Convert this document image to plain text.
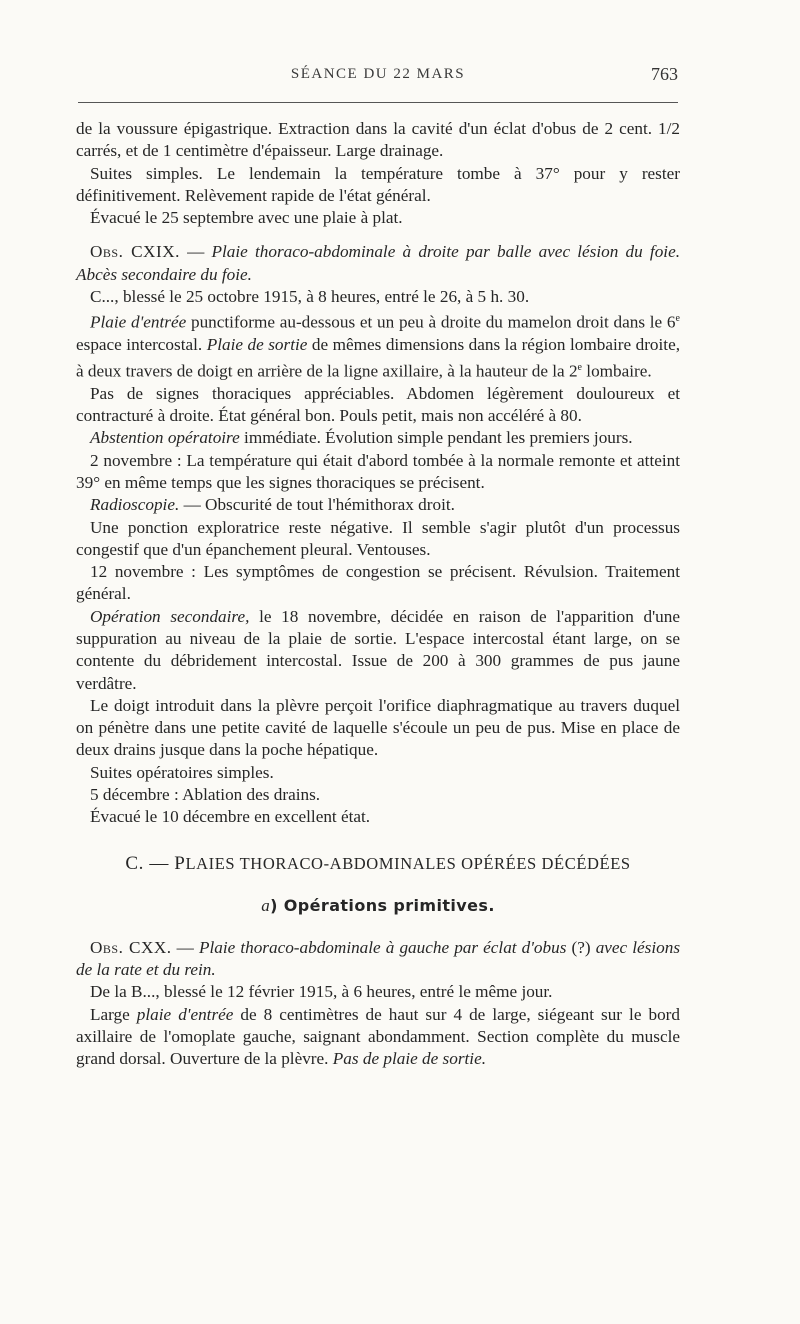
SÉANCE DU 22 MARS	763

de la voussure épigastrique. Extraction dans la cavité d'un éclat d'obus de 2 cent. 1/2 carrés, et de 1 centimètre d'épaisseur. Large drainage.

Suites simples. Le lendemain la température tombe à 37° pour y rester définitivement. Relèvement rapide de l'état général.

Évacué le 25 septembre avec une plaie à plat.

Obs. CXIX. — Plaie thoraco-abdominale à droite par balle avec lésion du foie. Abcès secondaire du foie.

C..., blessé le 25 octobre 1915, à 8 heures, entré le 26, à 5 h. 30.

Plaie d'entrée punctiforme au-dessous et un peu à droite du mamelon droit dans le 6e espace intercostal. Plaie de sortie de mêmes dimensions dans la région lombaire droite, à deux travers de doigt en arrière de la ligne axillaire, à la hauteur de la 2e lombaire.

Pas de signes thoraciques appréciables. Abdomen légèrement douloureux et contracturé à droite. État général bon. Pouls petit, mais non accéléré à 80.

Abstention opératoire immédiate. Évolution simple pendant les premiers jours.

2 novembre : La température qui était d'abord tombée à la normale remonte et atteint 39° en même temps que les signes thoraciques se précisent.

Radioscopie. — Obscurité de tout l'hémithorax droit.

Une ponction exploratrice reste négative. Il semble s'agir plutôt d'un processus congestif que d'un épanchement pleural. Ventouses.

12 novembre : Les symptômes de congestion se précisent. Révulsion. Traitement général.

Opération secondaire, le 18 novembre, décidée en raison de l'apparition d'une suppuration au niveau de la plaie de sortie. L'espace intercostal étant large, on se contente du débridement intercostal. Issue de 200 à 300 grammes de pus jaune verdâtre.

Le doigt introduit dans la plèvre perçoit l'orifice diaphragmatique au travers duquel on pénètre dans une petite cavité de laquelle s'écoule un peu de pus. Mise en place de deux drains jusque dans la poche hépatique.

Suites opératoires simples.

5 décembre : Ablation des drains.

Évacué le 10 décembre en excellent état.

C. — PLAIES THORACO-ABDOMINALES OPÉRÉES DÉCÉDÉES

a) Opérations primitives.

Obs. CXX. — Plaie thoraco-abdominale à gauche par éclat d'obus (?) avec lésions de la rate et du rein.

De la B..., blessé le 12 février 1915, à 6 heures, entré le même jour.

Large plaie d'entrée de 8 centimètres de haut sur 4 de large, siégeant sur le bord axillaire de l'omoplate gauche, saignant abondamment. Section complète du muscle grand dorsal. Ouverture de la plèvre. Pas de plaie de sortie.
